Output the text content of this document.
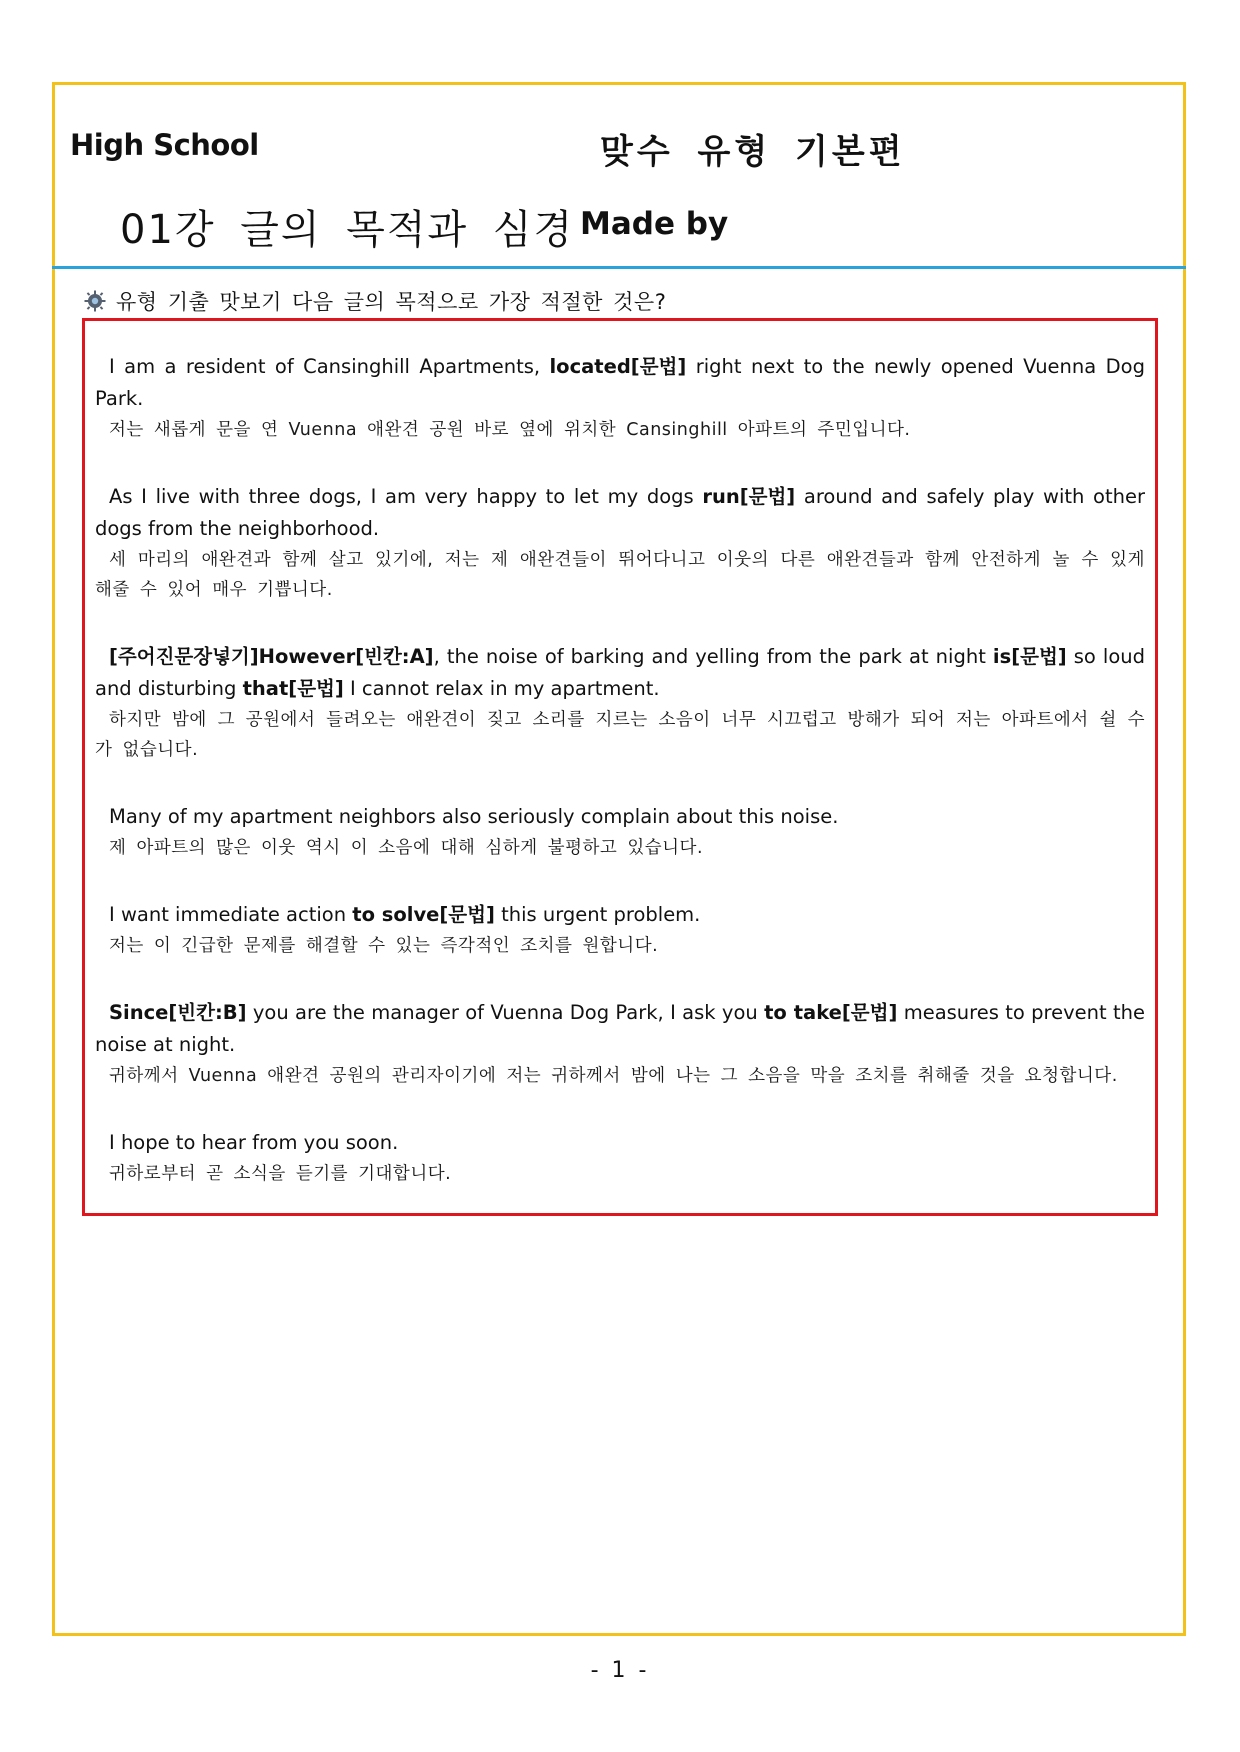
High School	맞수 유형 기본편
01강 글의 목적과 심경 Made by
유형 기출 맛보기 다음 글의 목적으로 가장 적절한 것은?
I am a resident of Cansinghill Apartments, located[문법] right next to the newly opened Vuenna Dog Park.
저는 새롭게 문을 연 Vuenna 애완견 공원 바로 옆에 위치한 Cansinghill 아파트의 주민입니다.
As I live with three dogs, I am very happy to let my dogs run[문법] around and safely play with other dogs from the neighborhood.
세 마리의 애완견과 함께 살고 있기에, 저는 제 애완견들이 뛰어다니고 이웃의 다른 애완견들과 함께 안전하게 놀 수 있게 해줄 수 있어 매우 기쁩니다.
[주어진문장넣기]However[빈칸:A], the noise of barking and yelling from the park at night is[문법] so loud and disturbing that[문법] I cannot relax in my apartment.
하지만 밤에 그 공원에서 들려오는 애완견이 짖고 소리를 지르는 소음이 너무 시끄럽고 방해가 되어 저는 아파트에서 쉴 수가 없습니다.
Many of my apartment neighbors also seriously complain about this noise.
제 아파트의 많은 이웃 역시 이 소음에 대해 심하게 불평하고 있습니다.
I want immediate action to solve[문법] this urgent problem.
저는 이 긴급한 문제를 해결할 수 있는 즉각적인 조치를 원합니다.
Since[빈칸:B] you are the manager of Vuenna Dog Park, I ask you to take[문법] measures to prevent the noise at night.
귀하께서 Vuenna 애완견 공원의 관리자이기에 저는 귀하께서 밤에 나는 그 소음을 막을 조치를 취해줄 것을 요청합니다.
I hope to hear from you soon.
귀하로부터 곧 소식을 듣기를 기대합니다.
- 1 -
